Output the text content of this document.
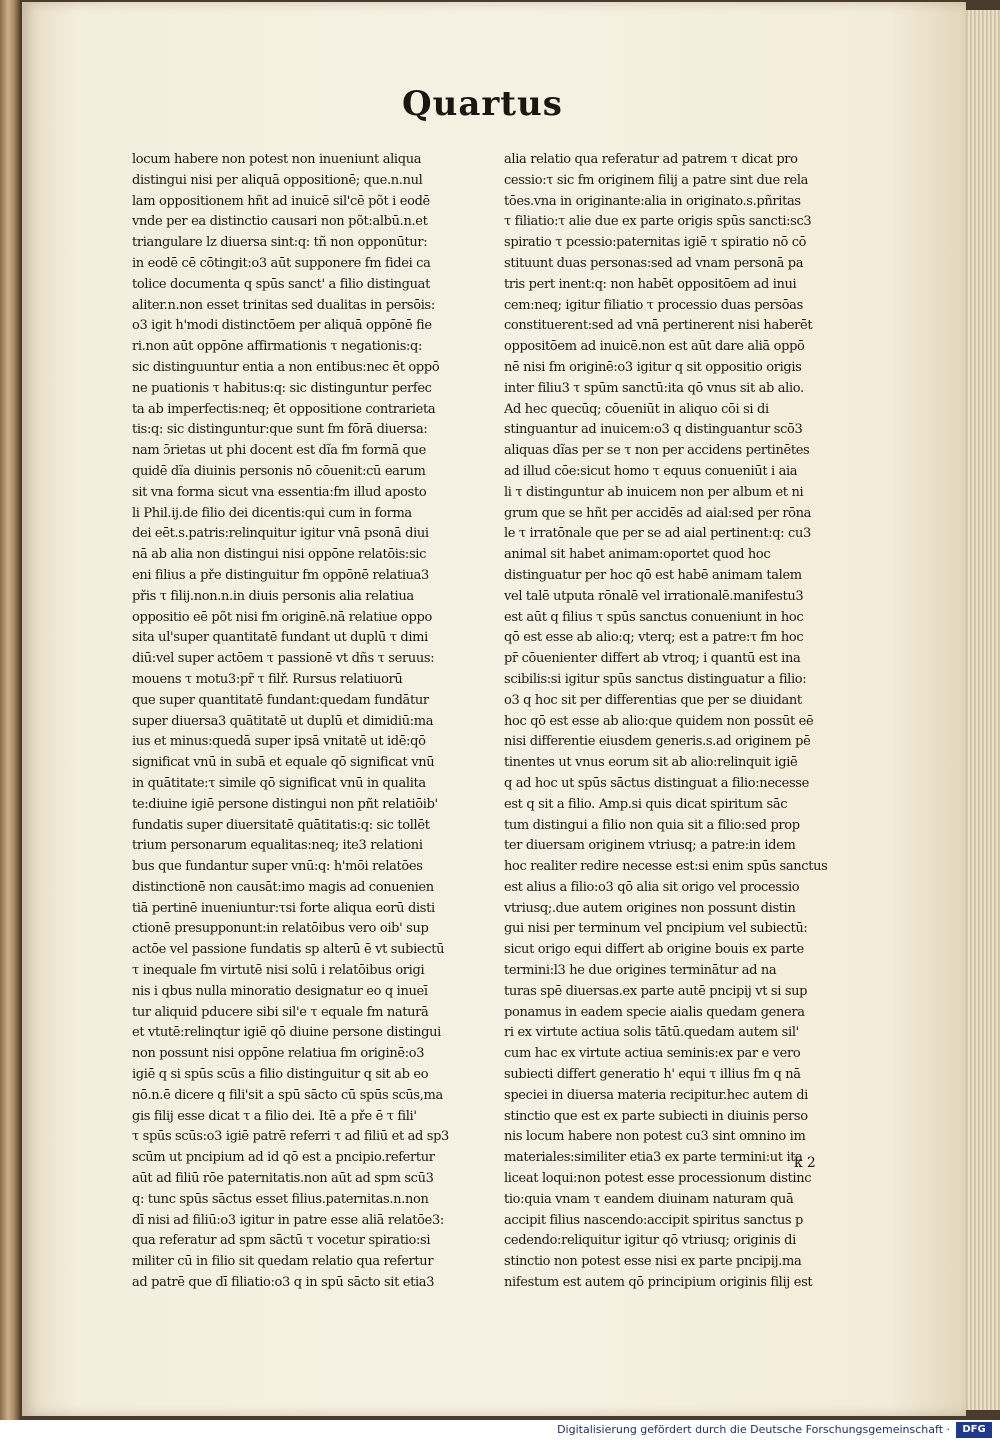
Quartus
locum habere non potest non inueniunt aliqua
distingui nisi per aliquā oppositionē; que.n.nul
lam oppositionem hñt ad inuicē sil'cē põt i eodē
vnde per ea distinctio causari non põt:albū.n.et
triangulare lz diuersa sint:q: tñ non opponūtur:
in eodē cē cōtingit:o3 aūt supponere fm fidei ca
tolice documenta q spūs sanct' a filio distinguat
aliter.n.non esset trinitas sed dualitas in persōis:
o3 igit h'modi distinctōem per aliquā oppōnē fie
ri.non aūt oppōne affirmationis τ negationis:q:
sic distinguuntur entia a non entibus:nec ēt oppō
ne puationis τ habitus:q: sic distinguntur perfec
ta ab imperfectis:neq; ēt oppositione contrarieta
tis:q: sic distinguntur:que sunt fm fōrā diuersa:
nam ɔ̄rietas ut phi docent est dĩa fm formā que
quidē dĩa diuinis personis nō cōuenit:cū earum
sit vna forma sicut vna essentia:fm illud aposto
li Phil.ij.de filio dei dicentis:qui cum in forma
dei eēt.s.patris:relinquitur igitur vnā psonā diui
nā ab alia non distingui nisi oppōne relatōis:sic
eni filius a pře distinguitur fm oppōnē relatiua3
přis τ filij.non.n.in diuis personis alia relatiua
oppositio eē põt nisi fm originē.nā relatiue oppo
sita ul'super quantitatē fundant ut duplū τ dimi
diū:vel super actōem τ passionē vt dñs τ seruus:
mouens τ motu3:pr̃ τ filř. Rursus relatiuorū
que super quantitatē fundant:quedam fundātur
super diuersa3 quātitatē ut duplū et dimidiū:ma
ius et minus:quedā super ipsā vnitatē ut idē:qō
significat vnū in subā et equale qō significat vnū
in quātitate:τ simile qō significat vnū in qualita
te:diuine igiē persone distingui non pñt relatiōib'
fundatis super diuersitatē quātitatis:q: sic tollēt
trium personarum equalitas:neq; ite3 relationi
bus que fundantur super vnū:q: h'mōi relatōes
distinctionē non causāt:imo magis ad conuenien
tiā pertinē inueniuntur:τsi forte aliqua eorū disti
ctionē presupponunt:in relatōibus vero oib' sup
actōe vel passione fundatis sp alterū ē vt subiectū
τ inequale fm virtutē nisi solū i relatōibus origi
nis i qbus nulla minoratio designatur eo q inueī
tur aliquid pducere sibi sil'e τ equale fm naturā
et vtutē:relinqtur igiē qō diuine persone distingui
non possunt nisi oppōne relatiua fm originē:o3
igiē q si spūs scūs a filio distinguitur q sit ab eo
nō.n.ē dicere q fili'sit a spū sācto cū spūs scūs,ma
gis filij esse dicat τ a filio dei. Itē a pře ē τ fili'
τ spūs scūs:o3 igiē patrē referri τ ad filiū et ad sp3
scūm ut pncipium ad id qō est a pncipio.refertur
aūt ad filiū rōe paternitatis.non aūt ad spm scū3
q: tunc spūs sāctus esset filius.paternitas.n.non
dī nisi ad filiū:o3 igitur in patre esse aliā relatōe3:
qua referatur ad spm sāctū τ vocetur spiratio:si
militer cū in filio sit quedam relatio qua refertur
ad patrē que dī filiatio:o3 q in spū sācto sit etia3
alia relatio qua referatur ad patrem τ dicat pro
cessio:τ sic fm originem filij a patre sint due rela
tōes.vna in originante:alia in originato.s.pñritas
τ filiatio:τ alie due ex parte origis spūs sancti:sc3
spiratio τ pcessio:paternitas igiē τ spiratio nō cō
stituunt duas personas:sed ad vnam personā pa
tris pert inent:q: non habēt oppositōem ad inui
cem:neq; igitur filiatio τ processio duas persōas
constituerent:sed ad vnā pertinerent nisi haberēt
oppositōem ad inuicē.non est aūt dare aliā oppō
nē nisi fm originē:o3 igitur q sit oppositio origis
inter filiu3 τ spūm sanctū:ita qō vnus sit ab alio.
Ad hec quecūq; cōueniūt in aliquo cōi si di
stinguantur ad inuicem:o3 q distinguantur scō3
aliquas dĩas per se τ non per accidens pertinētes
ad illud cōe:sicut homo τ equus conueniūt i aia
li τ distinguntur ab inuicem non per album et ni
grum que se hñt per accidēs ad aial:sed per rōna
le τ irratōnale que per se ad aial pertinent:q: cu3
animal sit habet animam:oportet quod hoc
distinguatur per hoc qō est habē animam talem
vel talē utputa rōnalē vel irrationalē.manifestu3
est aūt q filius τ spūs sanctus conueniunt in hoc
qō est esse ab alio:q; vterq; est a patre:τ fm hoc
pr̄ cōuenienter differt ab vtroq; i quantū est ina
scibilis:si igitur spūs sanctus distinguatur a filio:
o3 q hoc sit per differentias que per se diuidant
hoc qō est esse ab alio:que quidem non possūt eē
nisi differentie eiusdem generis.s.ad originem pē
tinentes ut vnus eorum sit ab alio:relinquit igiē
q ad hoc ut spūs sāctus distinguat a filio:necesse
est q sit a filio. Amp.si quis dicat spiritum sāc
tum distingui a filio non quia sit a filio:sed prop
ter diuersam originem vtriusq; a patre:in idem
hoc realiter redire necesse est:si enim spūs sanctus
est alius a filio:o3 qō alia sit origo vel processio
vtriusq;.due autem origines non possunt distin
gui nisi per terminum vel pncipium vel subiectū:
sicut origo equi differt ab origine bouis ex parte
termini:l3 he due origines terminātur ad na
turas spē diuersas.ex parte autē pncipij vt si sup
ponamus in eadem specie aialis quedam genera
ri ex virtute actiua solis tātū.quedam autem sil'
cum hac ex virtute actiua seminis:ex par e vero
subiecti differt generatio h' equi τ illius fm q nā
speciei in diuersa materia recipitur.hec autem di
stinctio que est ex parte subiecti in diuinis perso
nis locum habere non potest cu3 sint omnino im
materiales:similiter etia3 ex parte termini:ut ita
liceat loqui:non potest esse processionum distinc
tio:quia vnam τ eandem diuinam naturam quā
accipit filius nascendo:accipit spiritus sanctus p
cedendo:reliquitur igitur qō vtriusq; originis di
stinctio non potest esse nisi ex parte pncipij.ma
nifestum est autem qō principium originis filij est
k 2
Digitalisierung gefördert durch die Deutsche Forschungsgemeinschaft ·	DFG
